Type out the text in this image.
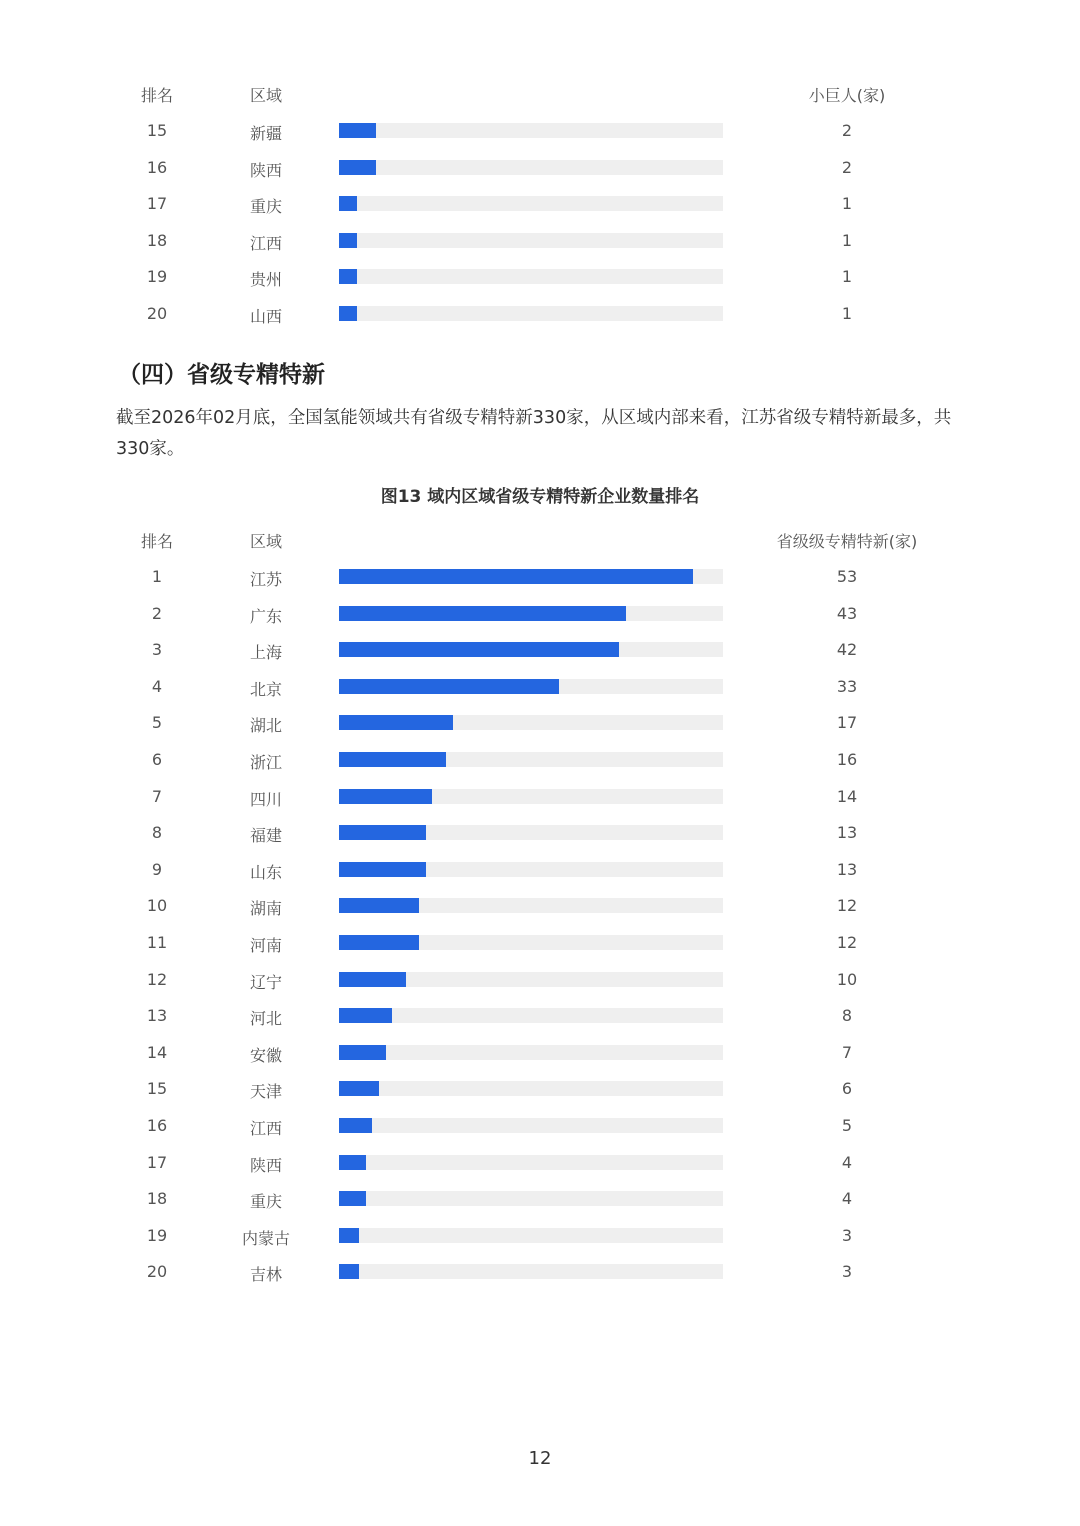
排名	区域	小巨人(家)
15	新疆	2
16	陕西	2
17	重庆	1
18	江西	1
19	贵州	1
20	山西	1
（四）省级专精特新

截至2026年02月底，全国氢能领域共有省级专精特新330家，从区域内部来看，江苏省级专精特新最多，共330家。

图13 域内区域省级专精特新企业数量排名
排名	区域	省级级专精特新(家)
1	江苏	53
2	广东	43
3	上海	42
4	北京	33
5	湖北	17
6	浙江	16
7	四川	14
8	福建	13
9	山东	13
10	湖南	12
11	河南	12
12	辽宁	10
13	河北	8
14	安徽	7
15	天津	6
16	江西	5
17	陕西	4
18	重庆	4
19	内蒙古	3
20	吉林	3
12
